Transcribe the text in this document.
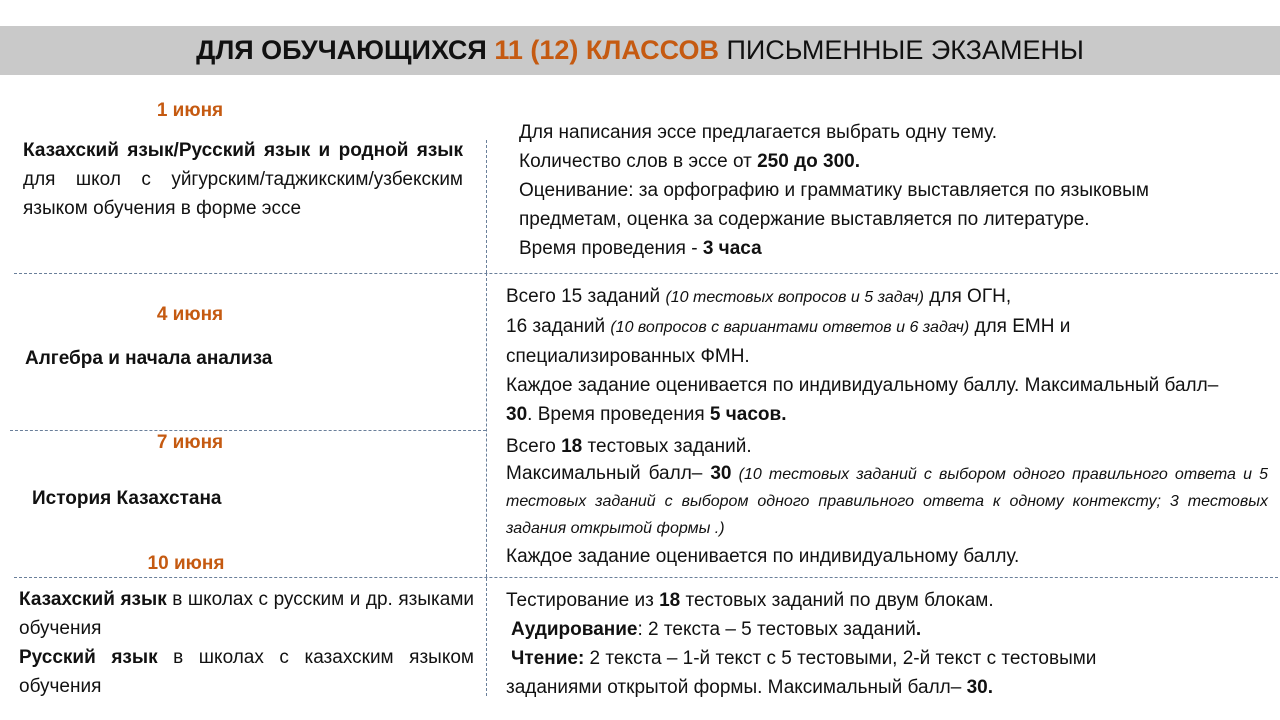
ДЛЯ ОБУЧАЮЩИХСЯ 11 (12) КЛАССОВ ПИСЬМЕННЫЕ ЭКЗАМЕНЫ
1 июня
Казахский язык/Русский язык и родной язык для школ с уйгурским/таджикским/узбекским языком обучения в форме эссе
Для написания эссе предлагается выбрать одну тему.
Количество слов в эссе от 250 до 300.
Оценивание: за орфографию и грамматику выставляется по языковым предметам, оценка за содержание выставляется по литературе.
Время проведения - 3 часа
4 июня
Алгебра и начала анализа
Всего 15 заданий (10 тестовых вопросов и 5 задач) для ОГН,
16 заданий (10 вопросов с вариантами ответов и 6 задач) для ЕМН и
специализированных ФМН.
Каждое задание оценивается по индивидуальному баллу. Максимальный балл–
30. Время проведения 5 часов.
7 июня
История Казахстана
Всего 18 тестовых заданий.
Максимальный балл– 30 (10 тестовых заданий с выбором одного правильного ответа и 5 тестовых заданий с выбором одного правильного ответа к одному контексту; 3 тестовых задания открытой формы .)
Каждое задание оценивается по индивидуальному баллу.
10 июня
Казахский язык в школах с русским и др. языками обучения
Русский язык в школах с казахским языком обучения
Тестирование из 18 тестовых заданий по двум блокам.
Аудирование: 2 текста – 5 тестовых заданий.
Чтение: 2 текста – 1-й текст с 5 тестовыми, 2-й текст с тестовыми
заданиями открытой формы. Максимальный балл– 30.
